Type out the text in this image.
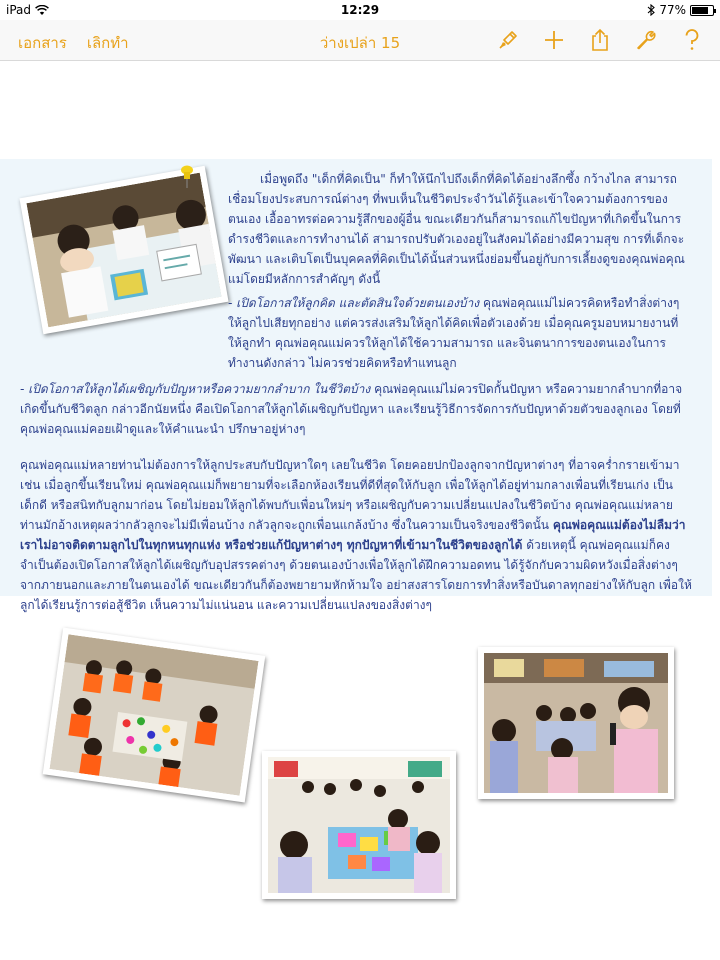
iPad	12:29	77%
เอกสาร เลิกทำ	ว่างเปล่า 15
เมื่อพูดถึง "เด็กที่คิดเป็น" ก็ทำให้นึกไปถึงเด็กที่คิดได้อย่างลึกซึ้ง กว้างไกล สามารถเชื่อมโยงประสบการณ์ต่างๆ ที่พบเห็นในชีวิตประจำวันได้รู้และเข้าใจความต้องการของตนเอง เอื้ออาทรต่อความรู้สึกของผู้อื่น ขณะเดียวกันก็สามารถแก้ไขปัญหาที่เกิดขึ้นในการดำรงชีวิตและการทำงานได้ สามารถปรับตัวเองอยู่ในสังคมได้อย่างมีความสุข การที่เด็กจะพัฒนา และเติบโตเป็นบุคคลที่คิดเป็นได้นั้นส่วนหนึ่งย่อมขึ้นอยู่กับการเลี้ยงดูของคุณพ่อคุณแม่โดยมีหลักการสำคัญๆ ดังนี้
- เปิดโอกาสให้ลูกคิด และตัดสินใจด้วยตนเองบ้าง คุณพ่อคุณแม่ไม่ควรคิดหรือทำสิ่งต่างๆ ให้ลูกไปเสียทุกอย่าง แต่ควรส่งเสริมให้ลูกได้คิดเพื่อตัวเองด้วย เมื่อคุณครูมอบหมายงานที่ให้ลูกทำ คุณพ่อคุณแม่ควรให้ลูกได้ใช้ความสามารถ และจินตนาการของตนเองในการทำงานดังกล่าว ไม่ควรช่วยคิดหรือทำแทนลูก
- เปิดโอกาสให้ลูกได้เผชิญกับปัญหาหรือความยากลำบาก ในชีวิตบ้าง คุณพ่อคุณแม่ไม่ควรปิดกั้นปัญหา หรือความยากลำบากที่อาจเกิดขึ้นกับชีวิตลูก กล่าวอีกนัยหนึ่ง คือเปิดโอกาสให้ลูกได้เผชิญกับปัญหา และเรียนรู้วิธีการจัดการกับปัญหาด้วยตัวของลูกเอง โดยที่คุณพ่อคุณแม่คอยเฝ้าดูและให้คำแนะนำ ปรึกษาอยู่ห่างๆ
คุณพ่อคุณแม่หลายท่านไม่ต้องการให้ลูกประสบกับปัญหาใดๆ เลยในชีวิต โดยคอยปกป้องลูกจากปัญหาต่างๆ ที่อาจคร่ำกรายเข้ามา เช่น เมื่อลูกขึ้นเรียนใหม่ คุณพ่อคุณแม่ก็พยายามที่จะเลือกห้องเรียนที่ดีที่สุดให้กับลูก เพื่อให้ลูกได้อยู่ท่ามกลางเพื่อนที่เรียนเก่ง เป็นเด็กดี หรือสนิทกับลูกมาก่อน โดยไม่ยอมให้ลูกได้พบกับเพื่อนใหม่ๆ หรือเผชิญกับความเปลี่ยนแปลงในชีวิตบ้าง คุณพ่อคุณแม่หลายท่านมักอ้างเหตุผลว่ากลัวลูกจะไม่มีเพื่อนบ้าง กลัวลูกจะถูกเพื่อนแกล้งบ้าง ซึ่งในความเป็นจริงของชีวิตนั้น คุณพ่อคุณแม่ต้องไม่ลืมว่า เราไม่อาจติดตามลูกไปในทุกหนทุกแห่ง หรือช่วยแก้ปัญหาต่างๆ ทุกปัญหาที่เข้ามาในชีวิตของลูกได้ ด้วยเหตุนี้ คุณพ่อคุณแม่ก็คงจำเป็นต้องเปิดโอกาสให้ลูกได้เผชิญกับอุปสรรคต่างๆ ด้วยตนเองบ้างเพื่อให้ลูกได้ฝึกความอดทน ได้รู้จักกับความผิดหวังเมื่อสิ่งต่างๆ จากภายนอกและภายในตนเองได้ ขณะเดียวกันก็ต้องพยายามหักห้ามใจ อย่าสงสารโดยการทำสิ่งหรือบันดาลทุกอย่างให้กับลูก เพื่อให้ลูกได้เรียนรู้การต่อสู้ชีวิต เห็นความไม่แน่นอน และความเปลี่ยนแปลงของสิ่งต่างๆ
